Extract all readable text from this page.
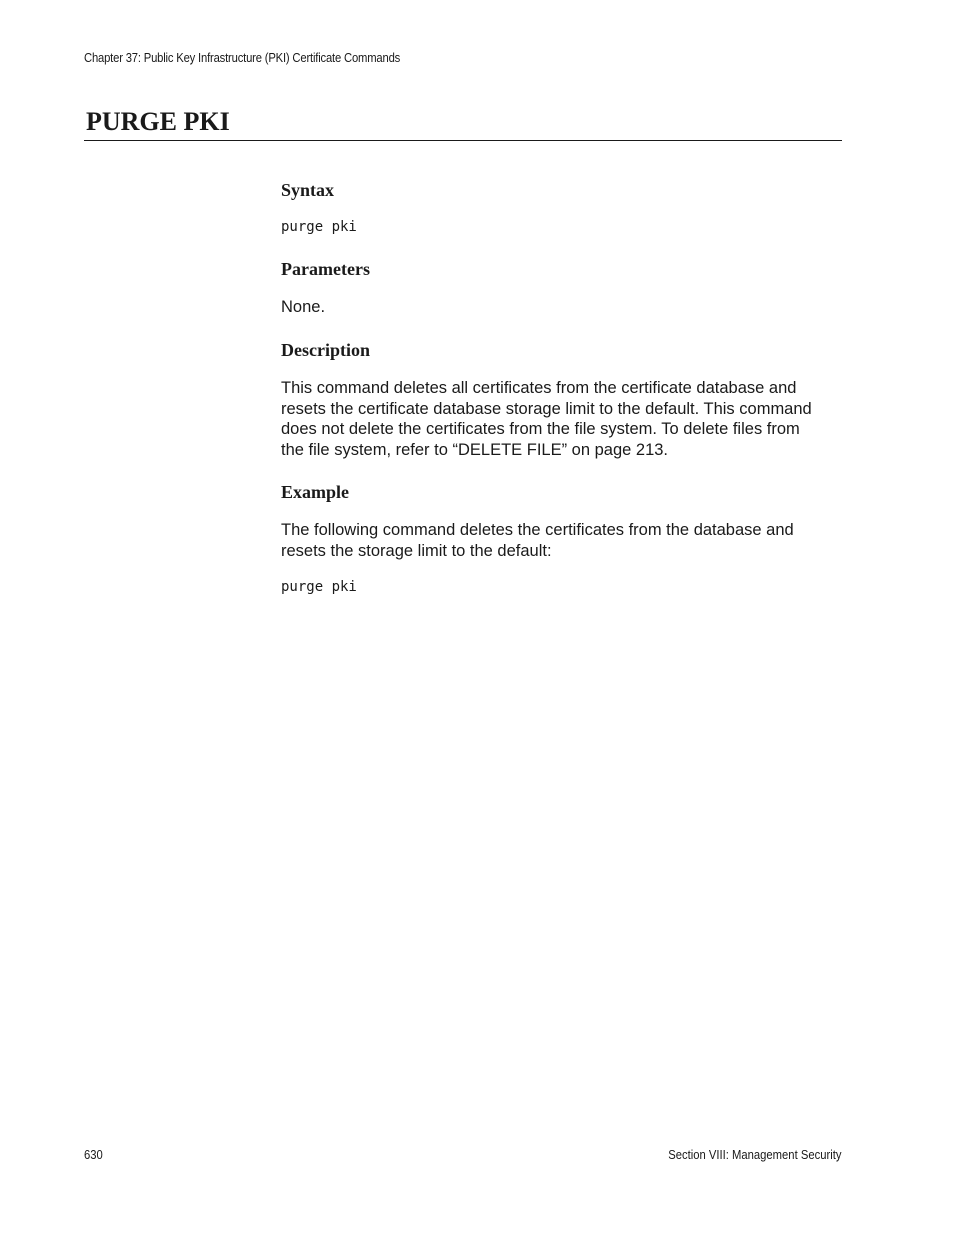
Chapter 37: Public Key Infrastructure (PKI) Certificate Commands
PURGE PKI
Syntax
purge pki
Parameters

None.

Description

This command deletes all certificates from the certificate database and
resets the certificate database storage limit to the default. This command
does not delete the certificates from the file system. To delete files from
the file system, refer to “DELETE FILE” on page 213.

Example

The following command deletes the certificates from the database and
resets the storage limit to the default:

purge pki
630	Section VIII: Management Security
